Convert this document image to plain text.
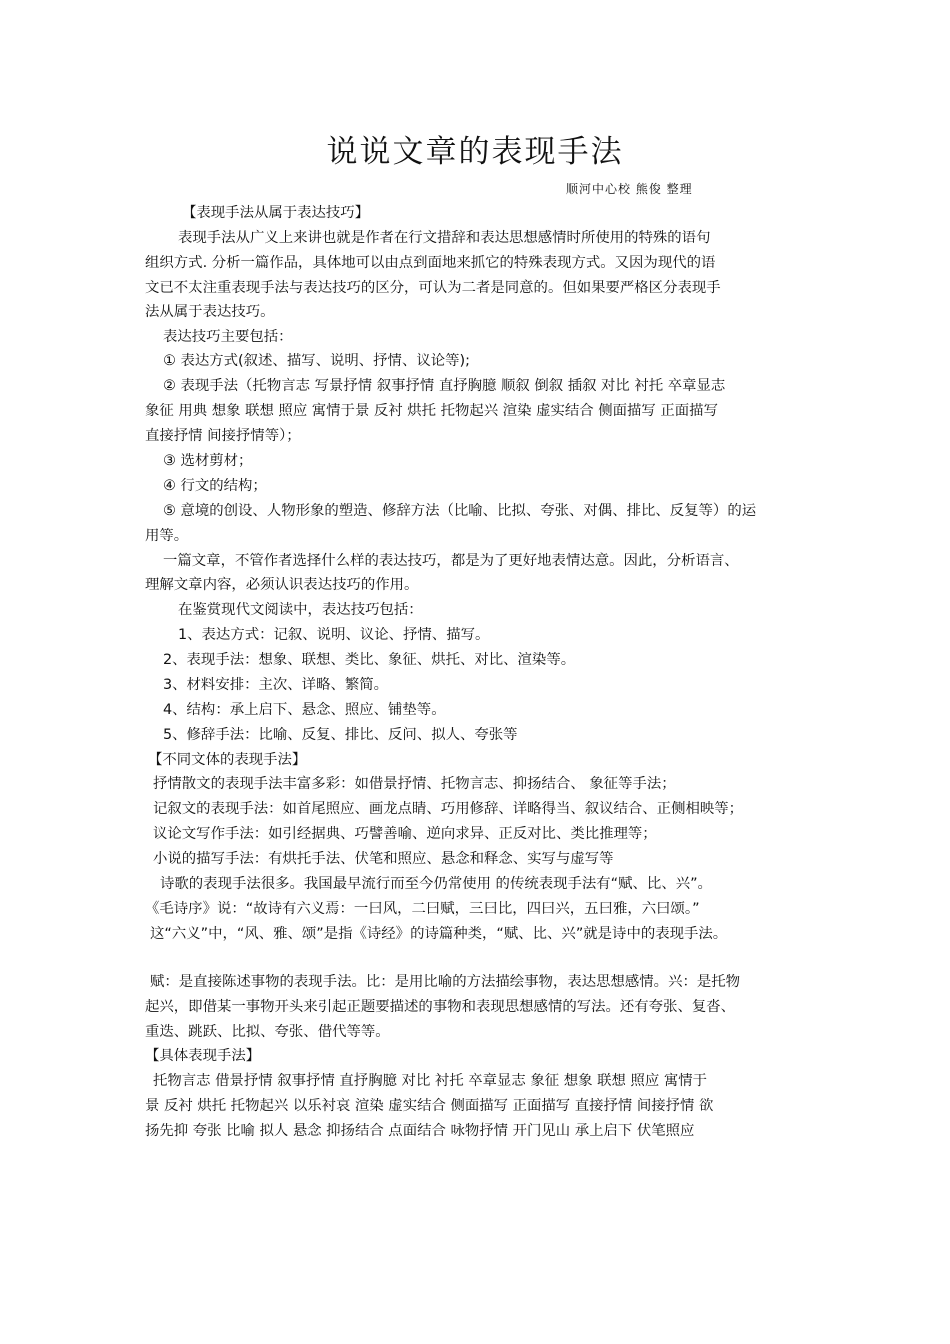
说说文章的表现手法
顺河中心校 熊俊 整理
【表现手法从属于表达技巧】
表现手法从广义上来讲也就是作者在行文措辞和表达思想感情时所使用的特殊的语句
组织方式. 分析一篇作品，具体地可以由点到面地来抓它的特殊表现方式。又因为现代的语
文已不太注重表现手法与表达技巧的区分，可认为二者是同意的。但如果要严格区分表现手
法从属于表达技巧。
表达技巧主要包括：
① 表达方式(叙述、描写、说明、抒情、议论等);
② 表现手法（托物言志 写景抒情 叙事抒情 直抒胸臆 顺叙 倒叙 插叙 对比 衬托 卒章显志
象征 用典 想象 联想 照应 寓情于景 反衬 烘托 托物起兴 渲染 虚实结合 侧面描写 正面描写
直接抒情 间接抒情等）；
③ 选材剪材；
④ 行文的结构；
⑤ 意境的创设、人物形象的塑造、修辞方法（比喻、比拟、夸张、对偶、排比、反复等）的运
用等。
一篇文章，不管作者选择什么样的表达技巧，都是为了更好地表情达意。因此，分析语言、
理解文章内容，必须认识表达技巧的作用。
在鉴赏现代文阅读中，表达技巧包括：
1、表达方式：记叙、说明、议论、抒情、描写。
2、表现手法：想象、联想、类比、象征、烘托、对比、渲染等。
3、材料安排：主次、详略、繁简。
4、结构：承上启下、悬念、照应、铺垫等。
5、修辞手法：比喻、反复、排比、反问、拟人、夸张等
【不同文体的表现手法】
抒情散文的表现手法丰富多彩：如借景抒情、托物言志、抑扬结合、 象征等手法；
记叙文的表现手法：如首尾照应、画龙点睛、巧用修辞、详略得当、叙议结合、正侧相映等；
议论文写作手法：如引经据典、巧譬善喻、逆向求异、正反对比、类比推理等；
小说的描写手法：有烘托手法、伏笔和照应、悬念和释念、实写与虚写等
诗歌的表现手法很多。我国最早流行而至今仍常使用 的传统表现手法有“赋、比、兴”。
《毛诗序》说：“故诗有六义焉：一曰风，二曰赋，三曰比，四曰兴，五曰雅，六曰颂。”
这“六义”中，“风、雅、颂”是指《诗经》的诗篇种类，“赋、比、兴”就是诗中的表现手法。
赋：是直接陈述事物的表现手法。比：是用比喻的方法描绘事物，表达思想感情。兴：是托物
起兴，即借某一事物开头来引起正题要描述的事物和表现思想感情的写法。还有夸张、复沓、
重迭、跳跃、比拟、夸张、借代等等。
【具体表现手法】
托物言志 借景抒情 叙事抒情 直抒胸臆 对比 衬托 卒章显志 象征 想象 联想 照应 寓情于
景 反衬 烘托 托物起兴 以乐衬哀 渲染 虚实结合 侧面描写 正面描写 直接抒情 间接抒情 欲
扬先抑 夸张 比喻 拟人 悬念 抑扬结合 点面结合 咏物抒情 开门见山 承上启下 伏笔照应
